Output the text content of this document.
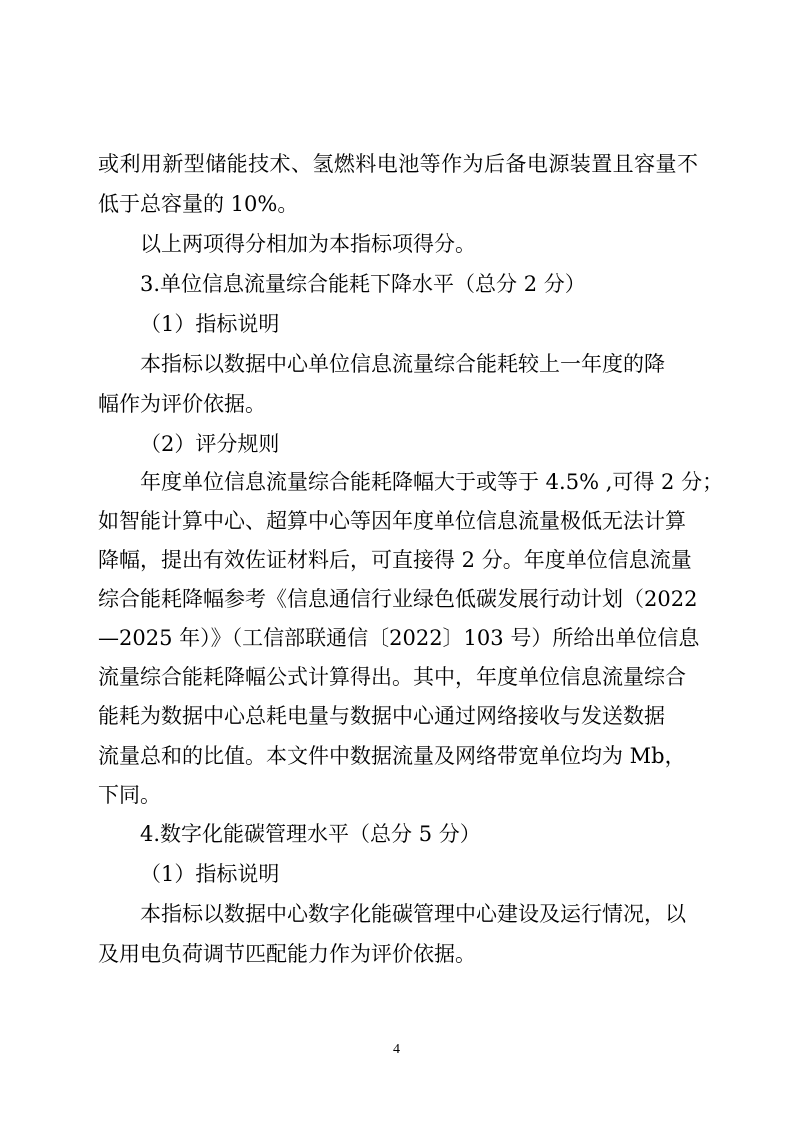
或利用新型储能技术、氢燃料电池等作为后备电源装置且容量不
低于总容量的 10%。
以上两项得分相加为本指标项得分。
3.单位信息流量综合能耗下降水平（总分 2 分）
（1）指标说明
本指标以数据中心单位信息流量综合能耗较上一年度的降
幅作为评价依据。
（2）评分规则
年度单位信息流量综合能耗降幅大于或等于 4.5% ,可得 2 分；
如智能计算中心、超算中心等因年度单位信息流量极低无法计算
降幅，提出有效佐证材料后，可直接得 2 分。年度单位信息流量
综合能耗降幅参考《信息通信行业绿色低碳发展行动计划（2022
—2025 年）》（工信部联通信〔2022〕103 号）所给出单位信息
流量综合能耗降幅公式计算得出。其中，年度单位信息流量综合
能耗为数据中心总耗电量与数据中心通过网络接收与发送数据
流量总和的比值。本文件中数据流量及网络带宽单位均为 Mb，
下同。
4.数字化能碳管理水平（总分 5 分）
（1）指标说明
本指标以数据中心数字化能碳管理中心建设及运行情况，以
及用电负荷调节匹配能力作为评价依据。
4
